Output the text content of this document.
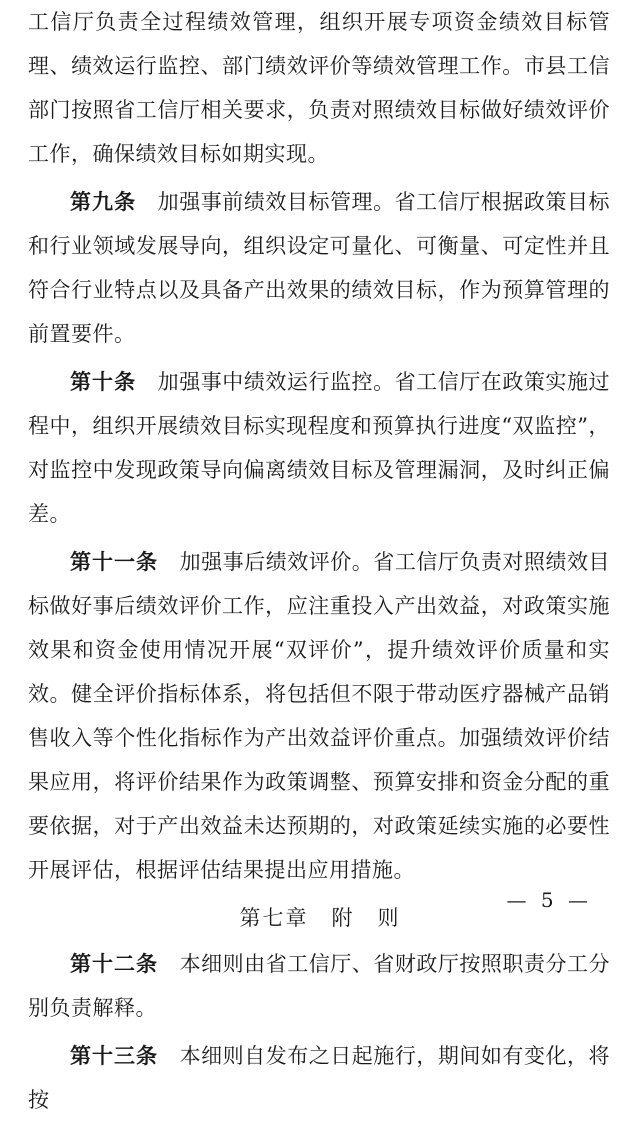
工信厅负责全过程绩效管理，组织开展专项资金绩效目标管理、绩效运行监控、部门绩效评价等绩效管理工作。市县工信部门按照省工信厅相关要求，负责对照绩效目标做好绩效评价工作，确保绩效目标如期实现。

第九条　 加强事前绩效目标管理。省工信厅根据政策目标和行业领域发展导向，组织设定可量化、可衡量、可定性并且符合行业特点以及具备产出效果的绩效目标，作为预算管理的前置要件。

第十条　 加强事中绩效运行监控。省工信厅在政策实施过程中，组织开展绩效目标实现程度和预算执行进度“双监控”，对监控中发现政策导向偏离绩效目标及管理漏洞，及时纠正偏差。

第十一条　 加强事后绩效评价。省工信厅负责对照绩效目标做好事后绩效评价工作，应注重投入产出效益，对政策实施效果和资金使用情况开展“双评价”，提升绩效评价质量和实效。健全评价指标体系，将包括但不限于带动医疗器械产品销售收入等个性化指标作为产出效益评价重点。加强绩效评价结果应用，将评价结果作为政策调整、预算安排和资金分配的重要依据，对于产出效益未达预期的，对政策延续实施的必要性开展评估，根据评估结果提出应用措施。

第七章　附　则

第十二条　 本细则由省工信厅、省财政厅按照职责分工分别负责解释。

第十三条　 本细则自发布之日起施行，期间如有变化，将按

— 5 —
